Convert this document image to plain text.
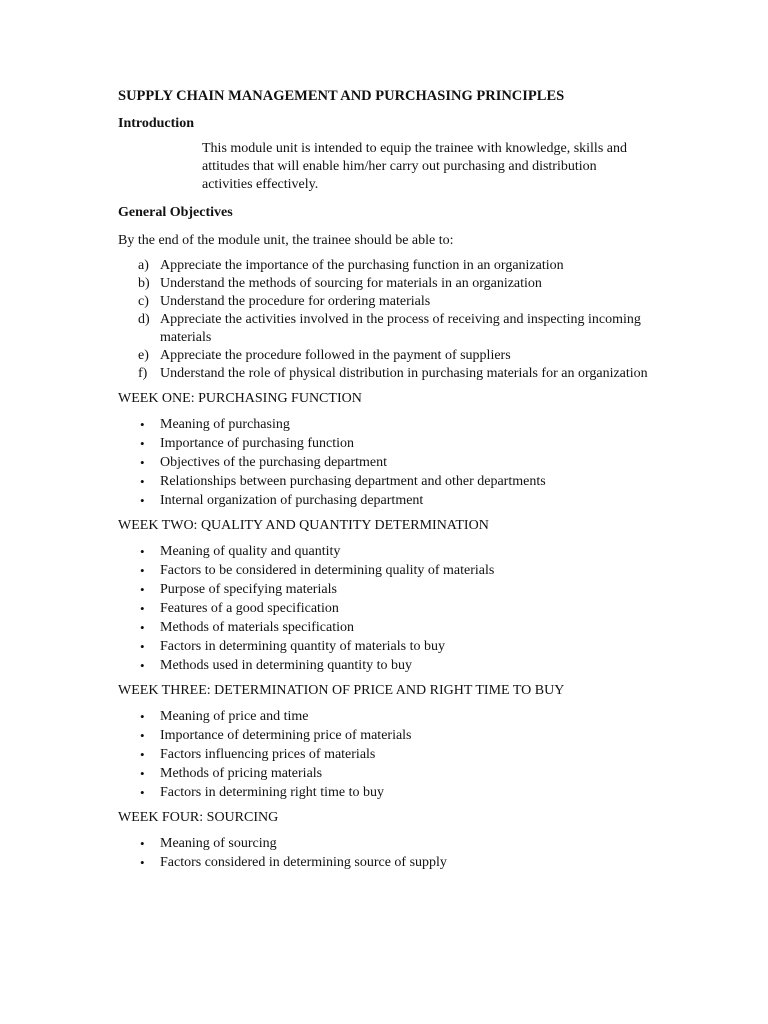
SUPPLY CHAIN MANAGEMENT AND PURCHASING PRINCIPLES
Introduction
This module unit is intended to equip the trainee with knowledge, skills and attitudes that will enable him/her carry out purchasing and distribution activities effectively.
General Objectives
By the end of the module unit, the trainee should be able to:
a) Appreciate the importance of the purchasing function in an organization
b) Understand the methods of sourcing for materials in an organization
c) Understand the procedure for ordering materials
d) Appreciate the activities involved in the process of receiving and inspecting incoming materials
e) Appreciate the procedure followed in the payment of suppliers
f) Understand the role of physical distribution in purchasing materials for an organization
WEEK ONE: PURCHASING FUNCTION
• Meaning of purchasing
• Importance of purchasing function
• Objectives of the purchasing department
• Relationships between purchasing department and other departments
• Internal organization of purchasing department
WEEK TWO: QUALITY AND QUANTITY DETERMINATION
• Meaning of quality and quantity
• Factors to be considered in determining quality of materials
• Purpose of specifying materials
• Features of a good specification
• Methods of materials specification
• Factors in determining quantity of materials to buy
• Methods used in determining quantity to buy
WEEK THREE: DETERMINATION OF PRICE AND RIGHT TIME TO BUY
• Meaning of price and time
• Importance of determining price of materials
• Factors influencing prices of materials
• Methods of pricing materials
• Factors in determining right time to buy
WEEK FOUR: SOURCING
• Meaning of sourcing
• Factors considered in determining source of supply
